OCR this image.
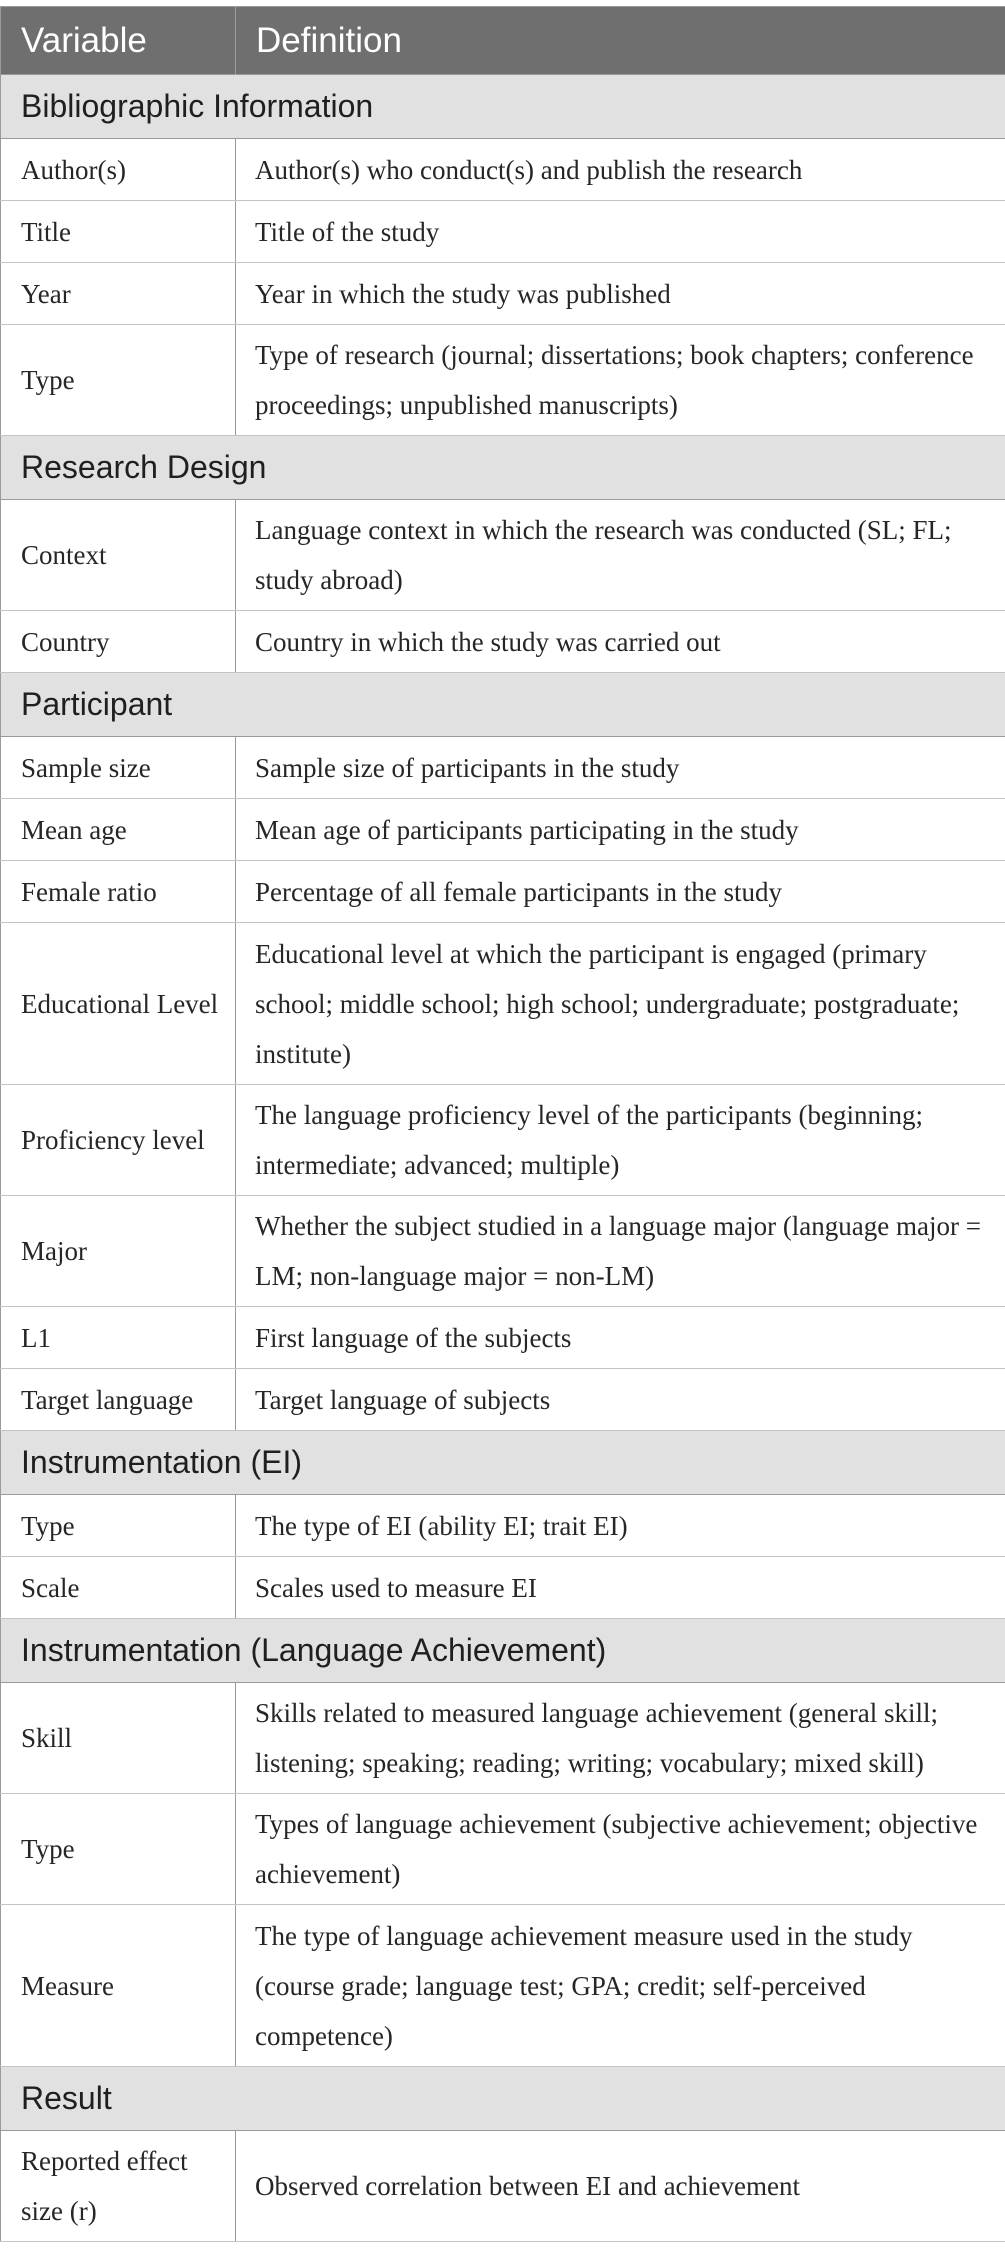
Variable	Definition
Bibliographic Information	
Author(s)	Author(s) who conduct(s) and publish the research
Title	Title of the study
Year	Year in which the study was published
Type	Type of research (journal; dissertations; book chapters; conference proceedings; unpublished manuscripts)
Research Design	
Context	Language context in which the research was conducted (SL; FL; study abroad)
Country	Country in which the study was carried out
Participant	
Sample size	Sample size of participants in the study
Mean age	Mean age of participants participating in the study
Female ratio	Percentage of all female participants in the study
Educational Level	Educational level at which the participant is engaged (primary school; middle school; high school; undergraduate; postgraduate; institute)
Proficiency level	The language proficiency level of the participants (beginning; intermediate; advanced; multiple)
Major	Whether the subject studied in a language major (language major = LM; non-language major = non-LM)
L1	First language of the subjects
Target language	Target language of subjects
Instrumentation (EI)	
Type	The type of EI (ability EI; trait EI)
Scale	Scales used to measure EI
Instrumentation (Language Achievement)	
Skill	Skills related to measured language achievement (general skill; listening; speaking; reading; writing; vocabulary; mixed skill)
Type	Types of language achievement (subjective achievement; objective achievement)
Measure	The type of language achievement measure used in the study (course grade; language test; GPA; credit; self-perceived competence)
Result	
Reported effect size (r)	Observed correlation between EI and achievement
